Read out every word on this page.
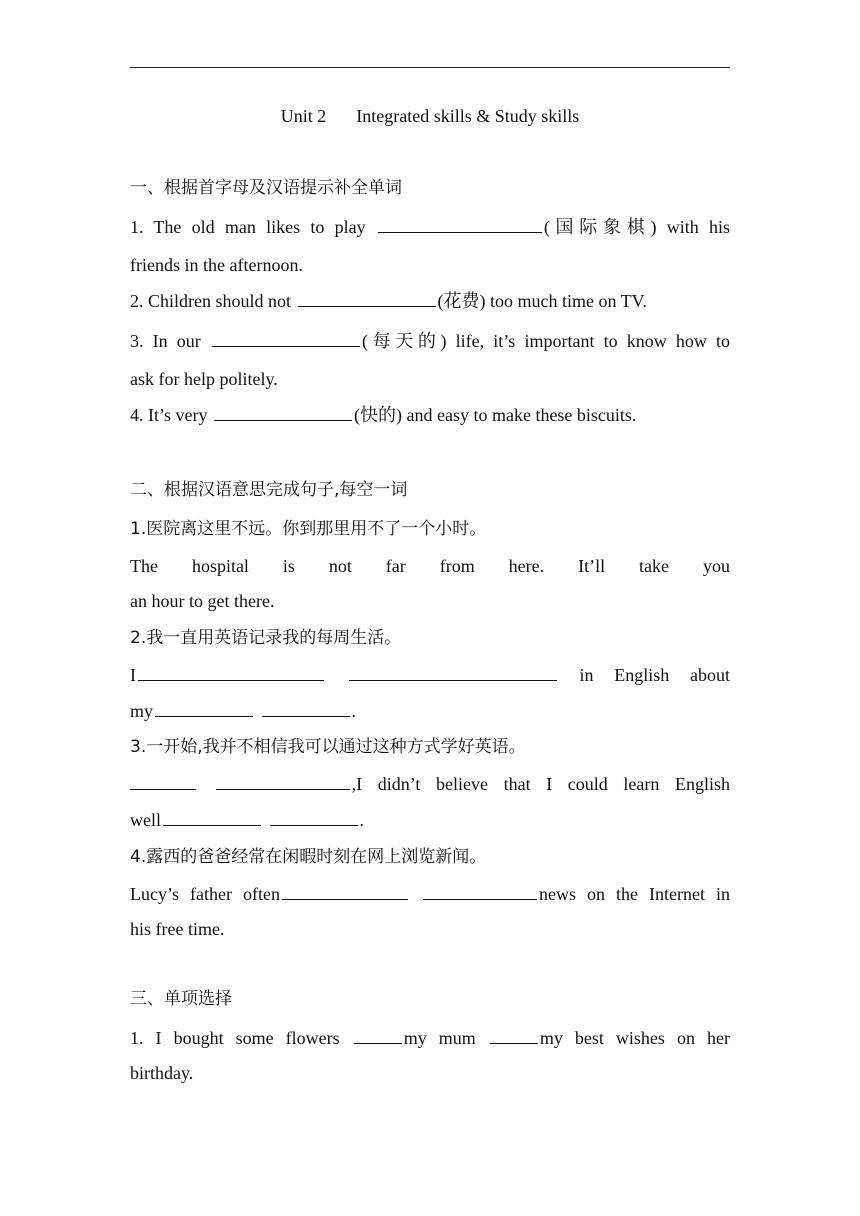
Unit 2 Integrated skills & Study skills
一、根据首字母及汉语提示补全单词
1. The old man likes to play	(国际象棋) with his
friends in the afternoon.
2. Children should not	(花费) too much time on TV.
3. In our	(每天的) life, it’s important to know how to
ask for help politely.
4. It’s very	(快的) and easy to make these biscuits.
二、根据汉语意思完成句子,每空一词
1.医院离这里不远。你到那里用不了一个小时。
The hospital is not far from here. It’ll take you
an hour to get there.
2.我一直用英语记录我的每周生活。
I	in English about
my	.
3.一开始,我并不相信我可以通过这种方式学好英语。
,I didn’t believe that I could learn English
well	.
4.露西的爸爸经常在闲暇时刻在网上浏览新闻。
Lucy’s father often	news on the Internet in
his free time.
三、单项选择
1. I bought some flowers	my mum	my best wishes on her
birthday.
